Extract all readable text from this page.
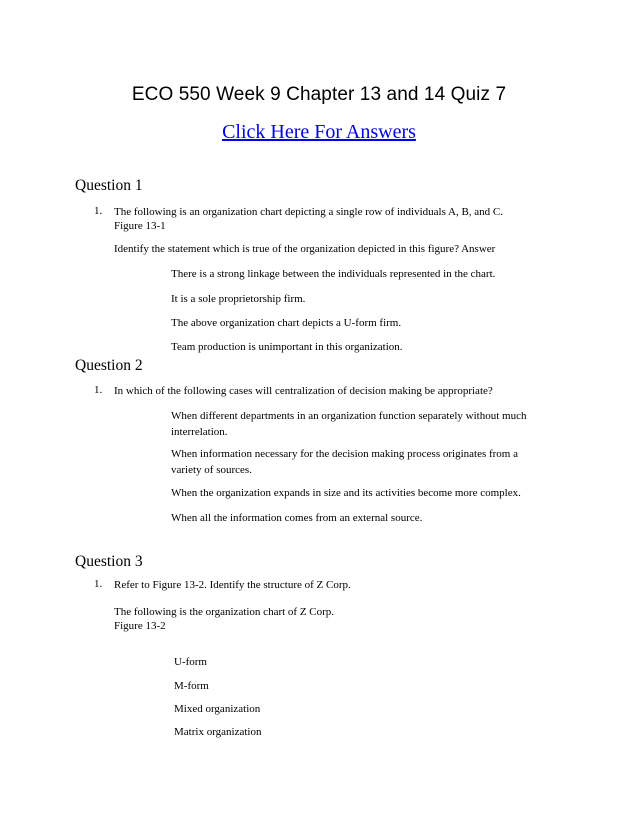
ECO 550 Week 9 Chapter 13 and 14 Quiz 7
Click Here For Answers
Question 1
1. The following is an organization chart depicting a single row of individuals A, B, and C.
Figure 13-1
Identify the statement which is true of the organization depicted in this figure? Answer
There is a strong linkage between the individuals represented in the chart.
It is a sole proprietorship firm.
The above organization chart depicts a U-form firm.
Team production is unimportant in this organization.
Question 2
1. In which of the following cases will centralization of decision making be appropriate?
When different departments in an organization function separately without much interrelation.
When information necessary for the decision making process originates from a variety of sources.
When the organization expands in size and its activities become more complex.
When all the information comes from an external source.
Question 3
1. Refer to Figure 13-2. Identify the structure of Z Corp.
The following is the organization chart of Z Corp.
Figure 13-2
U-form
M-form
Mixed organization
Matrix organization
